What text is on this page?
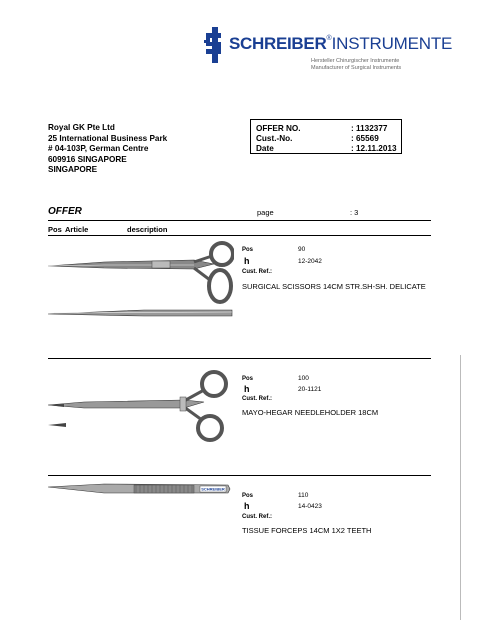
SCHREIBER®INSTRUMENTE
Hersteller Chirurgischer Instrumente
Manufacturer of Surgical Instruments
Royal GK Pte Ltd
25 International Business Park
# 04-103P, German Centre
609916 SINGAPORE
SINGAPORE
OFFER NO.	: 1132377
Cust.-No.	: 65569
Date	: 12.11.2013
OFFER	page	: 3
Pos Article	description
Pos	90
h	12-2042
Cust. Ref.:
SURGICAL SCISSORS 14CM STR.SH-SH. DELICATE
Pos	100
h	20-1121
Cust. Ref.:
MAYO-HEGAR NEEDLEHOLDER 18CM
SCHREIBER
Pos	110
h	14-0423
Cust. Ref.:
TISSUE FORCEPS 14CM 1X2 TEETH
